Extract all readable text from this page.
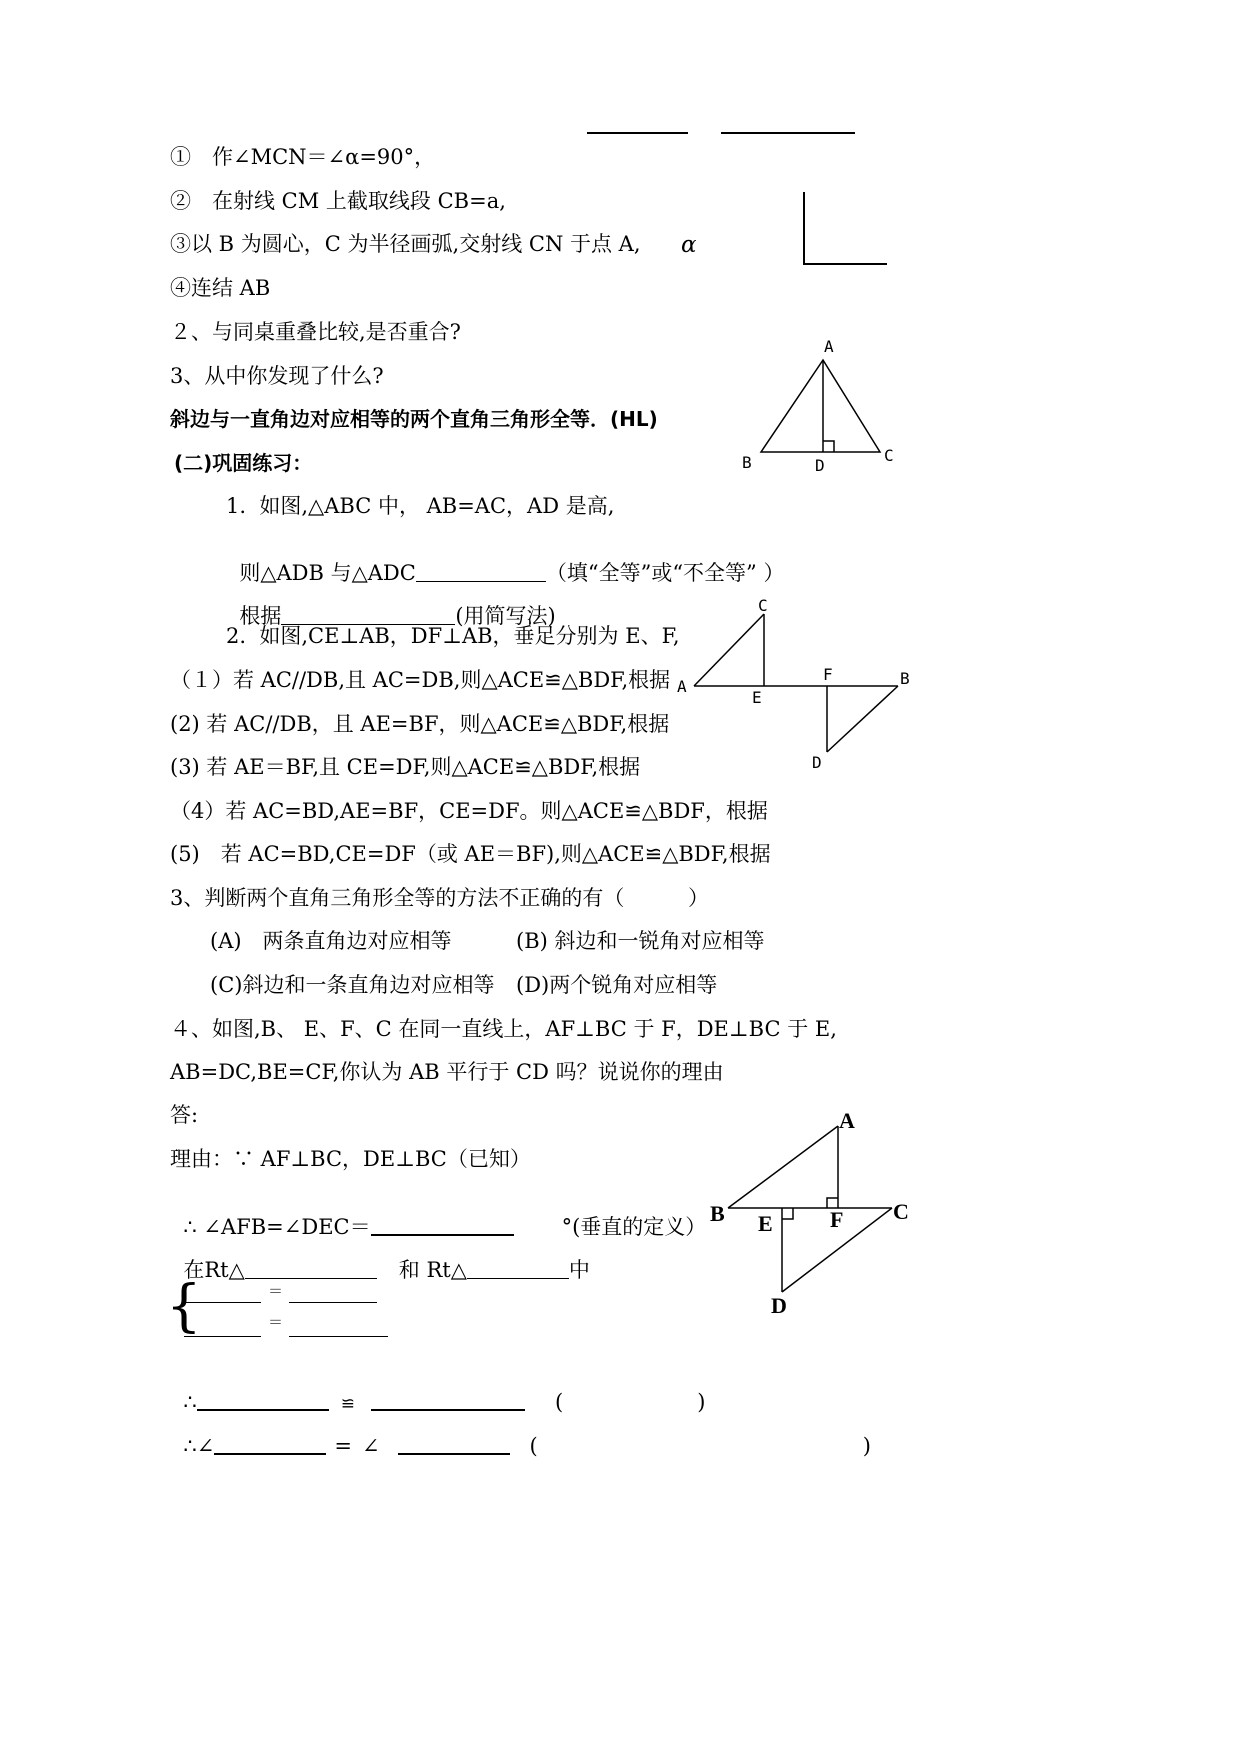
①　作∠MCN＝∠α=90°，
②　在射线 CM 上截取线段 CB=a,
③以 B 为圆心，C 为半径画弧,交射线 CN 于点 A, α
④连结 AB
２、与同桌重叠比较,是否重合?
3、从中你发现了什么?
斜边与一直角边对应相等的两个直角三角形全等．(HL)
(二)巩固练习：
1.  如图,△ABC 中， AB=AC，AD 是高,

则△ADB 与△ADC	（填“全等”或“不全等” ）

根据	(用简写法)

2.  如图,CE⊥AB，DF⊥AB，垂足分别为 E、F,
（１）若 AC//DB,且 AC=DB,则△ACE≌△BDF,根据
(2) 若 AC//DB，且 AE=BF，则△ACE≌△BDF,根据
(3) 若 AE＝BF,且 CE=DF,则△ACE≌△BDF,根据
（4）若 AC=BD,AE=BF，CE=DF。则△ACE≌△BDF，根据
(5)　若 AC=BD,CE=DF（或 AE＝BF),则△ACE≌△BDF,根据
3、判断两个直角三角形全等的方法不正确的有（	）
(A)　两条直角边对应相等	(B) 斜边和一锐角对应相等
(C)斜边和一条直角边对应相等 (D)两个锐角对应相等
４、如图,B、 E、F、C 在同一直线上，AF⊥BC 于 F，DE⊥BC 于 E,
AB=DC,BE=CF,你认为 AB 平行于 CD 吗？说说你的理由
答:
理由：∵ AF⊥BC，DE⊥BC（已知）

∴ ∠AFB=∠DEC＝	°(垂直的定义）

在Rt△	和 Rt△	中

{	＝
＝

∴	≌	(	)

∴∠	= ∠	(	)

A
B	C
D
A	B
C
D
E
F
A
B	C
D
E	F
